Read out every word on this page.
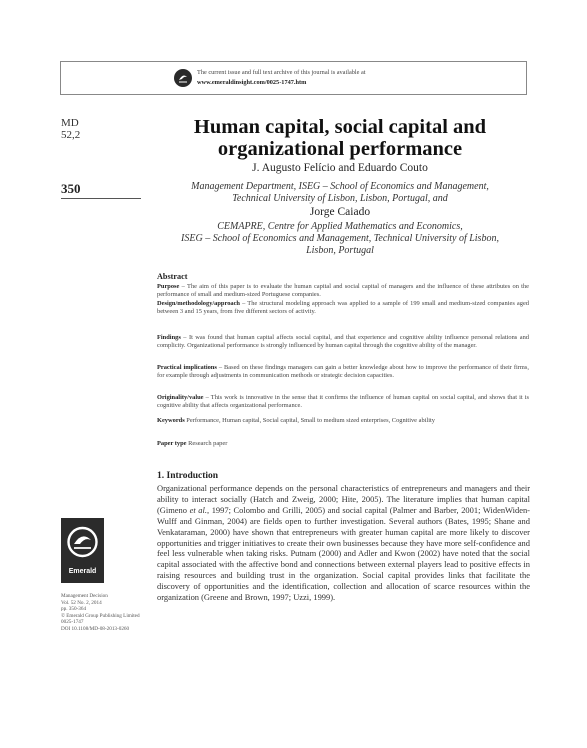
The current issue and full text archive of this journal is available at
www.emeraldinsight.com/0025-1747.htm
MD
52,2
350
Human capital, social capital and
organizational performance
J. Augusto Felício and Eduardo Couto
Management Department, ISEG – School of Economics and Management,
Technical University of Lisbon, Lisbon, Portugal, and
Jorge Caiado
CEMAPRE, Centre for Applied Mathematics and Economics,
ISEG – School of Economics and Management, Technical University of Lisbon,
Lisbon, Portugal
Abstract
Purpose – The aim of this paper is to evaluate the human capital and social capital of managers and the influence of these attributes on the performance of small and medium-sized Portuguese companies.
Design/methodology/approach – The structural modeling approach was applied to a sample of 199 small and medium-sized companies aged between 3 and 15 years, from five different sectors of activity.
Findings – It was found that human capital affects social capital, and that experience and cognitive ability influence personal relations and complicity. Organizational performance is strongly influenced by human capital through the cognitive ability of the manager.
Practical implications – Based on these findings managers can gain a better knowledge about how to improve the performance of their firms, for example through adjustments in communication methods or strategic decision capacities.
Originality/value – This work is innovative in the sense that it confirms the influence of human capital on social capital, and shows that it is cognitive ability that affects organizational performance.
Keywords Performance, Human capital, Social capital, Small to medium sized enterprises, Cognitive ability
Paper type Research paper
1. Introduction
Organizational performance depends on the personal characteristics of entrepreneurs and managers and their ability to interact socially (Hatch and Zweig, 2000; Hite, 2005). The literature implies that human capital (Gimeno et al., 1997; Colombo and Grilli, 2005) and social capital (Palmer and Barber, 2001; WidenWiden-Wulff and Ginman, 2004) are fields open to further investigation. Several authors (Bates, 1995; Shane and Venkataraman, 2000) have shown that entrepreneurs with greater human capital are more likely to discover opportunities and trigger initiatives to create their own businesses because they have more self-confidence and feel less vulnerable when taking risks. Putnam (2000) and Adler and Kwon (2002) have noted that the social capital associated with the affective bond and connections between external players lead to positive effects in raising resources and building trust in the organization. Social capital provides links that facilitate the discovery of opportunities and the identification, collection and allocation of scarce resources within the organization (Greene and Brown, 1997; Uzzi, 1999).
Emerald
Management Decision
Vol. 52 No. 2, 2014
pp. 350-364
© Emerald Group Publishing Limited
0025-1747
DOI 10.1108/MD-08-2013-0260
